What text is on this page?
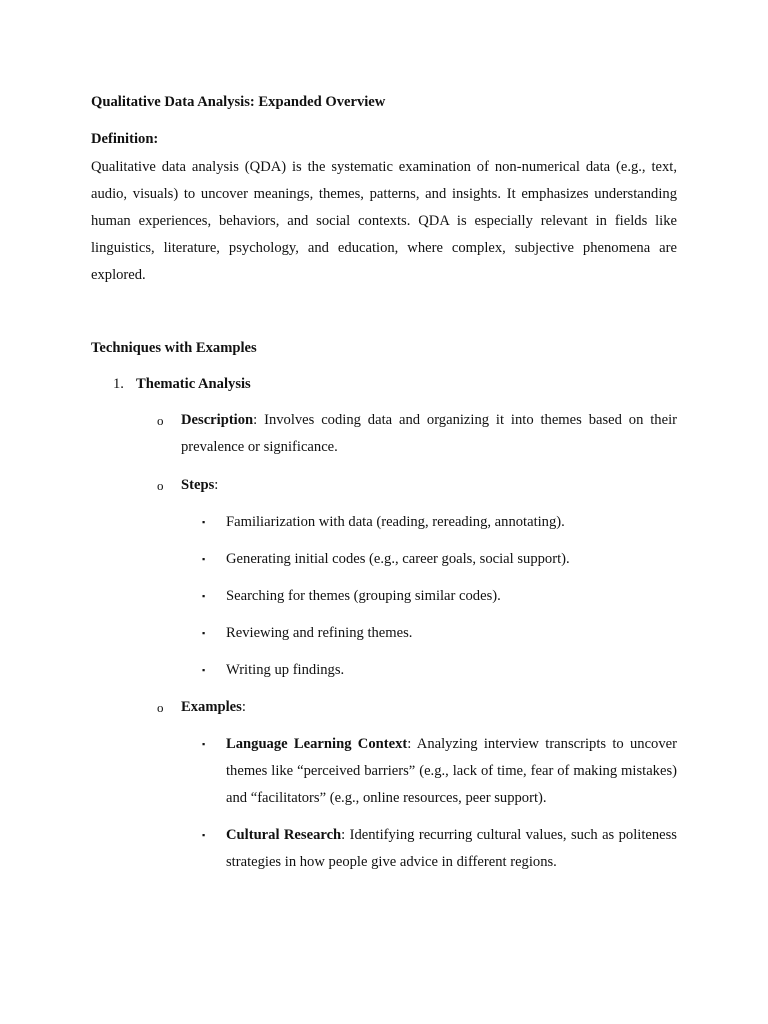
Qualitative Data Analysis: Expanded Overview
Definition:

Qualitative data analysis (QDA) is the systematic examination of non-numerical data (e.g., text, audio, visuals) to uncover meanings, themes, patterns, and insights. It emphasizes understanding human experiences, behaviors, and social contexts. QDA is especially relevant in fields like linguistics, literature, psychology, and education, where complex, subjective phenomena are explored.

Techniques with Examples
1. Thematic Analysis
o Description: Involves coding data and organizing it into themes based on their prevalence or significance.
o Steps:
▪ Familiarization with data (reading, rereading, annotating).
▪ Generating initial codes (e.g., career goals, social support).
▪ Searching for themes (grouping similar codes).
▪ Reviewing and refining themes.
▪ Writing up findings.
o Examples:
▪ Language Learning Context: Analyzing interview transcripts to uncover themes like “perceived barriers” (e.g., lack of time, fear of making mistakes) and “facilitators” (e.g., online resources, peer support).
▪ Cultural Research: Identifying recurring cultural values, such as politeness strategies in how people give advice in different regions.
